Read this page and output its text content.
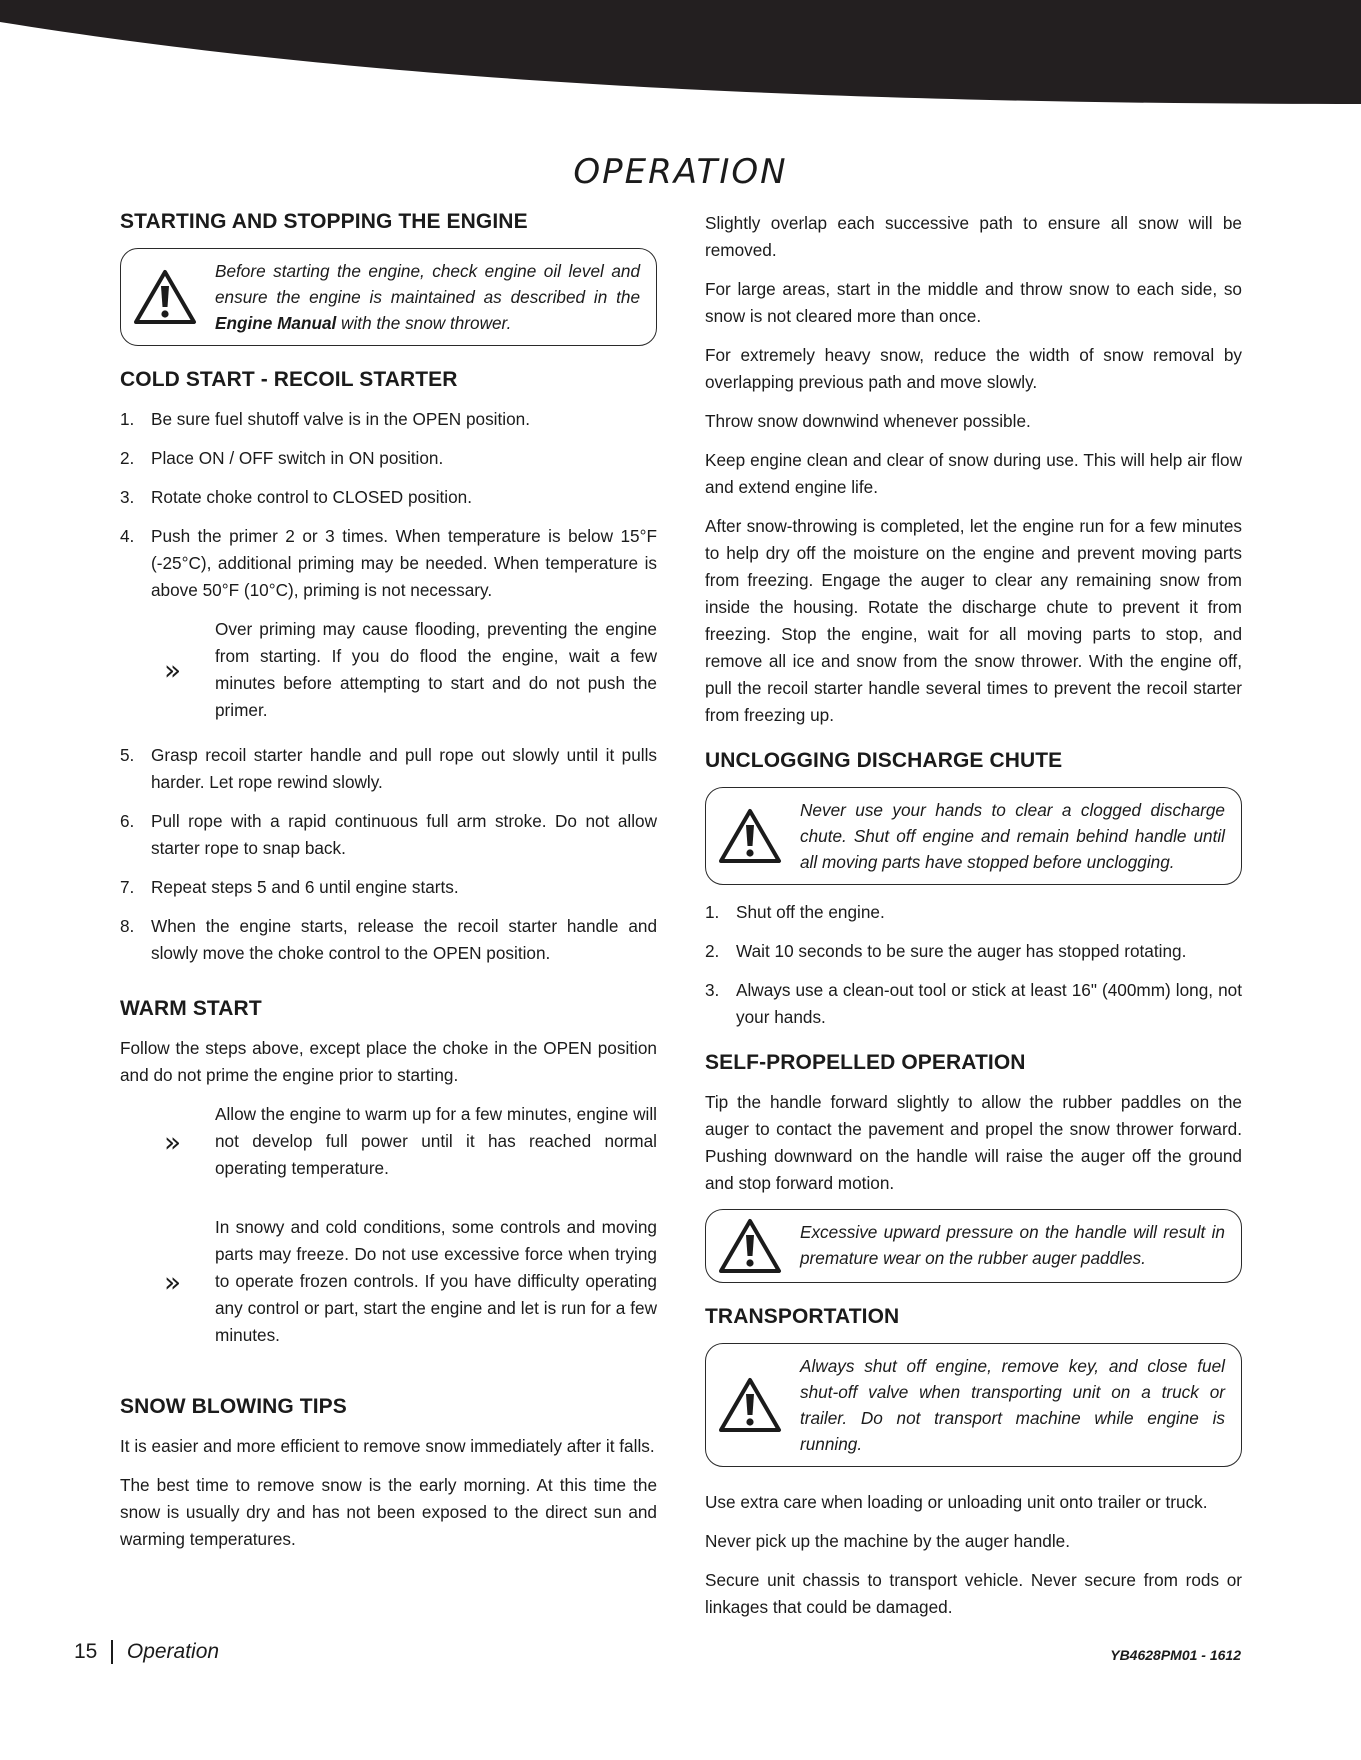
OPERATION
STARTING AND STOPPING THE ENGINE
Before starting the engine, check engine oil level and ensure the engine is maintained as described in the Engine Manual with the snow thrower.
COLD START - RECOIL STARTER
1. Be sure fuel shutoff valve is in the OPEN position.
2. Place ON / OFF switch in ON position.
3. Rotate choke control to CLOSED position.
4. Push the primer 2 or 3 times. When temperature is below 15°F (-25°C), additional priming may be needed. When temperature is above 50°F (10°C), priming is not necessary.
»

Over priming may cause flooding, preventing the engine from starting. If you do flood the engine, wait a few minutes before attempting to start and do not push the primer.

5. Grasp recoil starter handle and pull rope out slowly until it pulls harder. Let rope rewind slowly.
6. Pull rope with a rapid continuous full arm stroke. Do not allow starter rope to snap back.
7. Repeat steps 5 and 6 until engine starts.
8. When the engine starts, release the recoil starter handle and slowly move the choke control to the OPEN position.
WARM START

Follow the steps above, except place the choke in the OPEN position and do not prime the engine prior to starting.

»

Allow the engine to warm up for a few minutes, engine will not develop full power until it has reached normal operating temperature.

»

In snowy and cold conditions, some controls and moving parts may freeze. Do not use excessive force when trying to operate frozen controls. If you have difficulty operating any control or part, start the engine and let is run for a few minutes.

SNOW BLOWING TIPS

It is easier and more efficient to remove snow immediately after it falls.

The best time to remove snow is the early morning. At this time the snow is usually dry and has not been exposed to the direct sun and warming temperatures.

Slightly overlap each successive path to ensure all snow will be removed.

For large areas, start in the middle and throw snow to each side, so snow is not cleared more than once.

For extremely heavy snow, reduce the width of snow removal by overlapping previous path and move slowly.

Throw snow downwind whenever possible.

Keep engine clean and clear of snow during use. This will help air flow and extend engine life.

After snow-throwing is completed, let the engine run for a few minutes to help dry off the moisture on the engine and prevent moving parts from freezing. Engage the auger to clear any remaining snow from inside the housing. Rotate the discharge chute to prevent it from freezing. Stop the engine, wait for all moving parts to stop, and remove all ice and snow from the snow thrower. With the engine off, pull the recoil starter handle several times to prevent the recoil starter from freezing up.

UNCLOGGING DISCHARGE CHUTE
Never use your hands to clear a clogged discharge chute. Shut off engine and remain behind handle until all moving parts have stopped before unclogging.
1. Shut off the engine.
2. Wait 10 seconds to be sure the auger has stopped rotating.
3. Always use a clean-out tool or stick at least 16" (400mm) long, not your hands.
SELF-PROPELLED OPERATION

Tip the handle forward slightly to allow the rubber paddles on the auger to contact the pavement and propel the snow thrower forward. Pushing downward on the handle will raise the auger off the ground and stop forward motion.

Excessive upward pressure on the handle will result in premature wear on the rubber auger paddles.
TRANSPORTATION
Always shut off engine, remove key, and close fuel shut-off valve when transporting unit on a truck or trailer. Do not transport machine while engine is running.

Use extra care when loading or unloading unit onto trailer or truck.

Never pick up the machine by the auger handle.

Secure unit chassis to transport vehicle. Never secure from rods or linkages that could be damaged.

15 Operation	YB4628PM01 - 1612
